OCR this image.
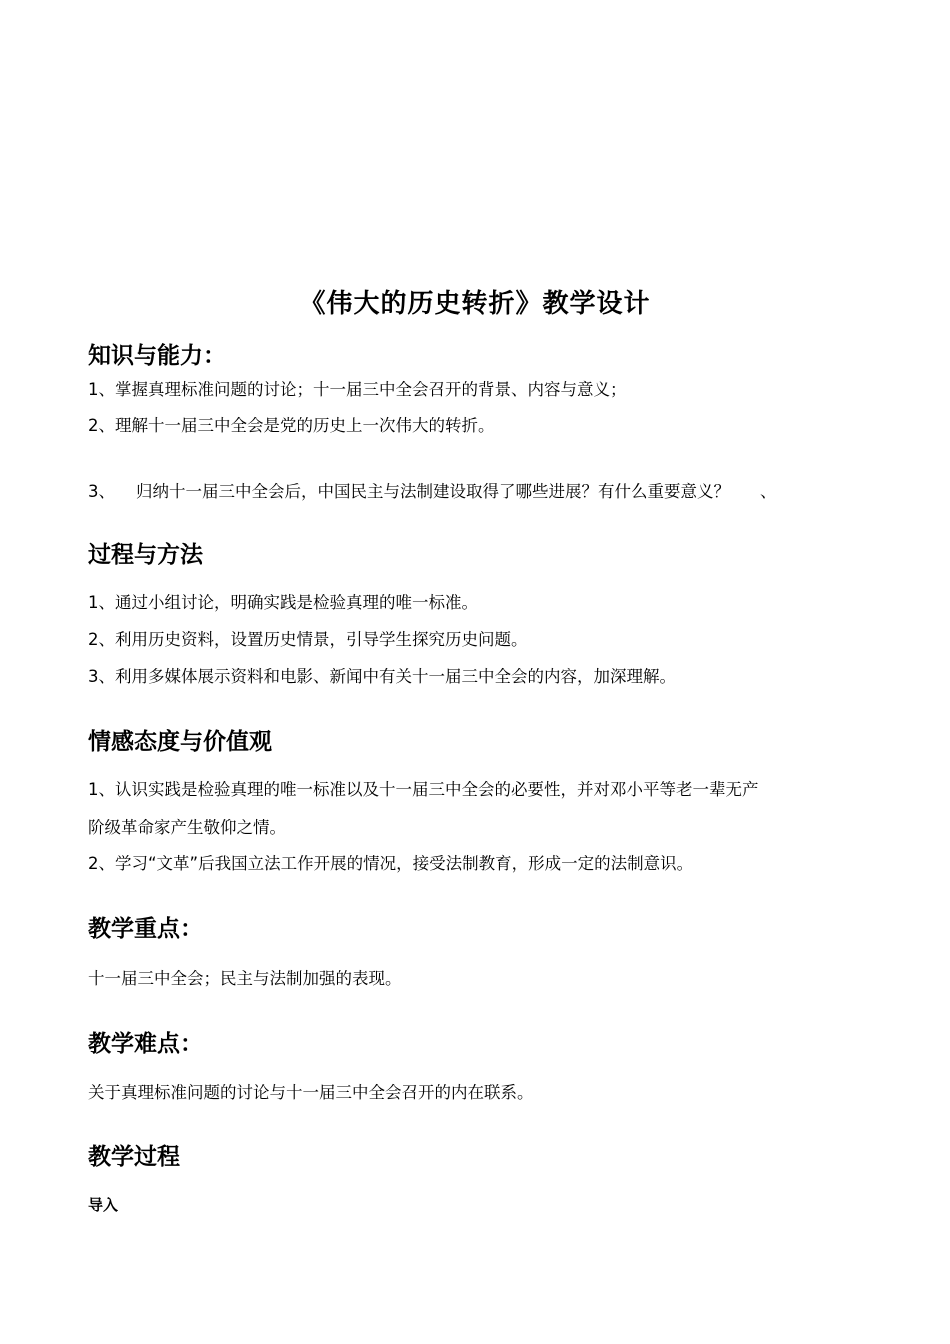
《伟大的历史转折》教学设计
知识与能力：
1、掌握真理标准问题的讨论；十一届三中全会召开的背景、内容与意义；
2、理解十一届三中全会是党的历史上一次伟大的转折。
3、 归纳十一届三中全会后，中国民主与法制建设取得了哪些进展？有什么重要意义？ 、
过程与方法
1、通过小组讨论，明确实践是检验真理的唯一标准。
2、利用历史资料，设置历史情景，引导学生探究历史问题。
3、利用多媒体展示资料和电影、新闻中有关十一届三中全会的内容，加深理解。
情感态度与价值观
1、认识实践是检验真理的唯一标准以及十一届三中全会的必要性，并对邓小平等老一辈无产
阶级革命家产生敬仰之情。
2、学习“文革”后我国立法工作开展的情况，接受法制教育，形成一定的法制意识。
教学重点：
十一届三中全会；民主与法制加强的表现。
教学难点：
关于真理标准问题的讨论与十一届三中全会召开的内在联系。
教学过程
导入
